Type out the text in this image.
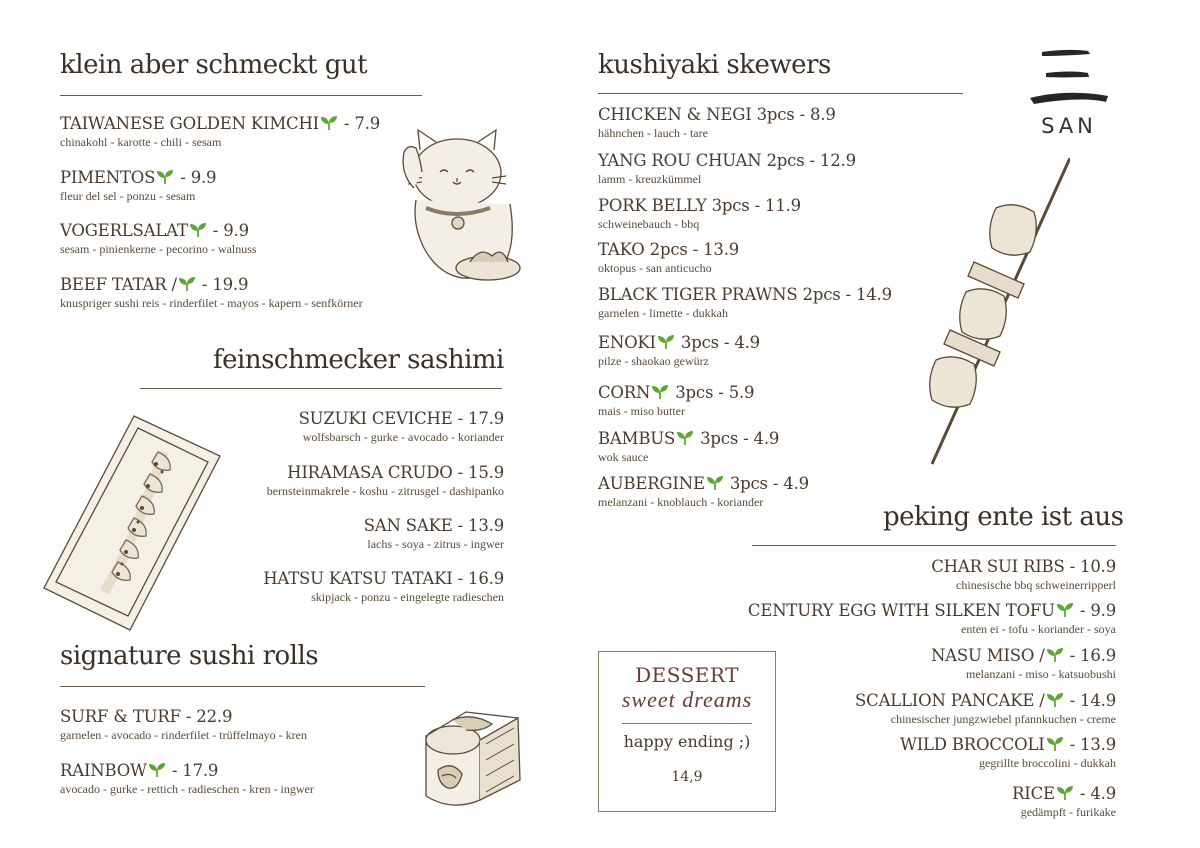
klein aber schmeckt gut
TAIWANESE GOLDEN KIMCHI - 7.9
chinakohl - karotte - chili - sesam
PIMENTOS - 9.9
fleur del sel - ponzu - sesam
VOGERLSALAT - 9.9
sesam - pinienkerne - pecorino - walnuss
BEEF TATAR / - 19.9
knuspriger sushi reis - rinderfilet - mayos - kapern - senfkörner
feinschmecker sashimi
SUZUKI CEVICHE - 17.9
wolfsbarsch - gurke - avocado - koriander
HIRAMASA CRUDO - 15.9
bernsteinmakrele - koshu - zitrusgel - dashipanko
SAN SAKE - 13.9
lachs - soya - zitrus - ingwer
HATSU KATSU TATAKI - 16.9
skipjack - ponzu - eingelegte radieschen
signature sushi rolls
SURF & TURF - 22.9
garnelen - avocado - rinderfilet - trüffelmayo - kren
RAINBOW - 17.9
avocado - gurke - rettich - radieschen - kren - ingwer
kushiyaki skewers
CHICKEN & NEGI 3pcs - 8.9
hähnchen - lauch - tare
YANG ROU CHUAN 2pcs - 12.9
lamm - kreuzkümmel
PORK BELLY 3pcs - 11.9
schweinebauch - bbq
TAKO 2pcs - 13.9
oktopus - san anticucho
BLACK TIGER PRAWNS 2pcs - 14.9
garnelen - limette - dukkah
ENOKI 3pcs - 4.9
pilze - shaokao gewürz
CORN 3pcs - 5.9
mais - miso butter
BAMBUS 3pcs - 4.9
wok sauce
AUBERGINE 3pcs - 4.9
melanzani - knoblauch - koriander	peking ente ist aus
CHAR SUI RIBS - 10.9
chinesische bbq schweinerripperl
CENTURY EGG WITH SILKEN TOFU - 9.9
enten ei - tofu - koriander - soya
NASU MISO / - 16.9
melanzani - miso - katsuobushi
SCALLION PANCAKE / - 14.9
chinesischer jungzwiebel pfannkuchen - creme
WILD BROCCOLI - 13.9
gegrillte broccolini - dukkah
RICE - 4.9
gedämpft - furikake
SAN
DESSERT
sweet dreams
happy ending ;)
14,9
